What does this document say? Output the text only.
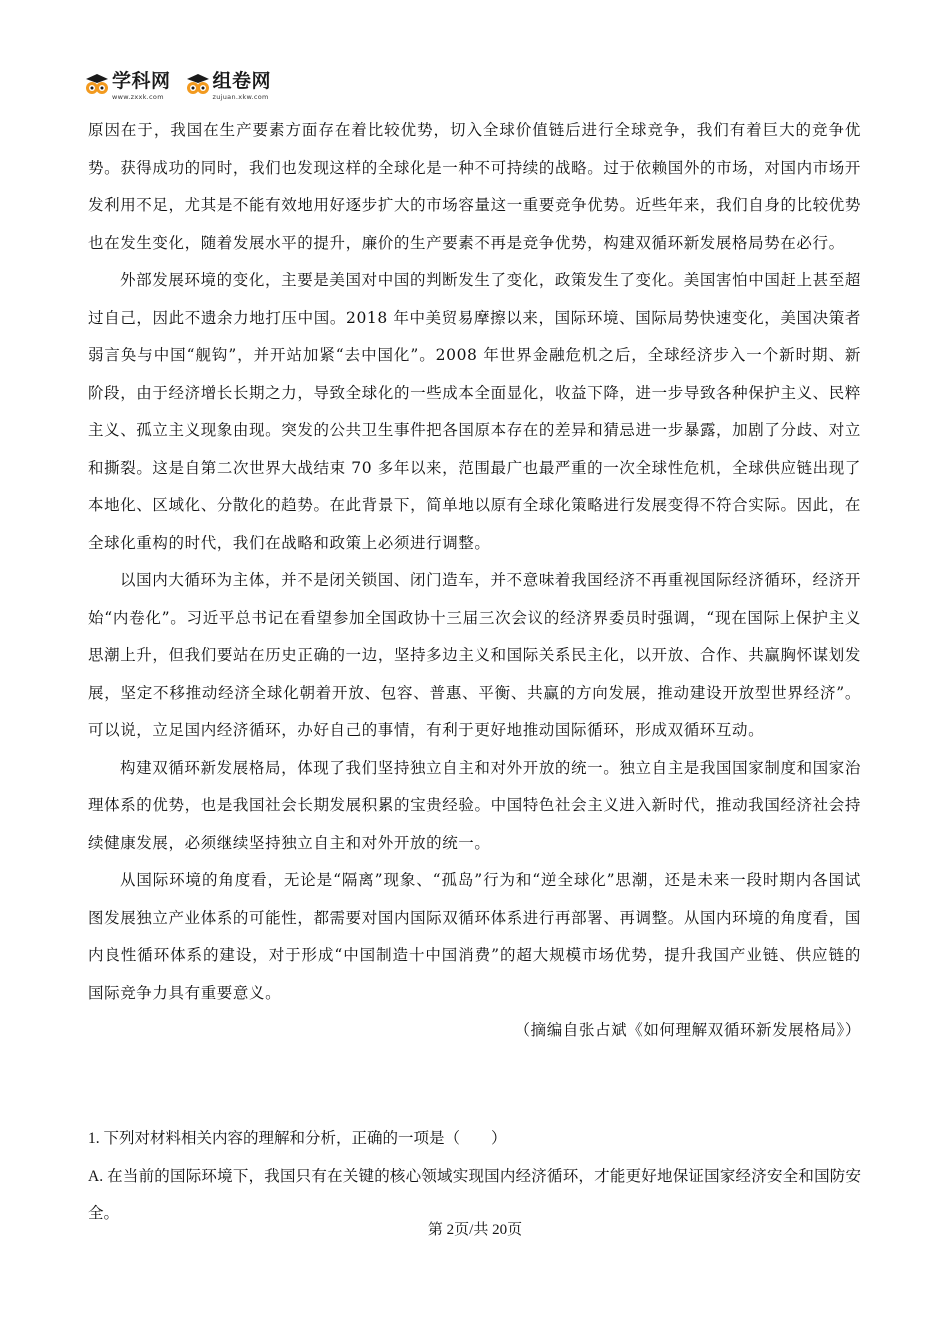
学科网
www.zxxk.com
组卷网
zujuan.xkw.com

原因在于，我国在生产要素方面存在着比较优势，切入全球价值链后进行全球竞争，我们有着巨大的竞争优势。获得成功的同时，我们也发现这样的全球化是一种不可持续的战略。过于依赖国外的市场，对国内市场开发利用不足，尤其是不能有效地用好逐步扩大的市场容量这一重要竞争优势。近些年来，我们自身的比较优势也在发生变化，随着发展水平的提升，廉价的生产要素不再是竞争优势，构建双循环新发展格局势在必行。

外部发展环境的变化，主要是美国对中国的判断发生了变化，政策发生了变化。美国害怕中国赶上甚至超过自己，因此不遗余力地打压中国。2018 年中美贸易摩擦以来，国际环境、国际局势快速变化，美国决策者弱言奂与中国“舰钩”，并开站加紧“去中国化”。2008 年世界金融危机之后，全球经济步入一个新时期、新阶段，由于经济增长长期之力，导致全球化的一些成本全面显化，收益下降，进一步导致各种保护主义、民粹主义、孤立主义现象由现。突发的公共卫生事件把各国原本存在的差异和猜忌进一步暴露，加剧了分歧、对立和撕裂。这是自第二次世界大战结束 70 多年以来，范围最广也最严重的一次全球性危机，全球供应链出现了本地化、区域化、分散化的趋势。在此背景下，简单地以原有全球化策略进行发展变得不符合实际。因此，在全球化重构的时代，我们在战略和政策上必须进行调整。

以国内大循环为主体，并不是闭关锁国、闭门造车，并不意味着我国经济不再重视国际经济循环，经济开始“内卷化”。习近平总书记在看望参加全国政协十三届三次会议的经济界委员时强调，“现在国际上保护主义思潮上升，但我们要站在历史正确的一边，坚持多边主义和国际关系民主化，以开放、合作、共赢胸怀谋划发展，坚定不移推动经济全球化朝着开放、包容、普惠、平衡、共赢的方向发展，推动建设开放型世界经济”。可以说，立足国内经济循环，办好自己的事情，有利于更好地推动国际循环，形成双循环互动。

构建双循环新发展格局，体现了我们坚持独立自主和对外开放的统一。独立自主是我国国家制度和国家治理体系的优势，也是我国社会长期发展积累的宝贵经验。中国特色社会主义进入新时代，推动我国经济社会持续健康发展，必须继续坚持独立自主和对外开放的统一。

从国际环境的角度看，无论是“隔离”现象、“孤岛”行为和“逆全球化”思潮，还是未来一段时期内各国试图发展独立产业体系的可能性，都需要对国内国际双循环体系进行再部署、再调整。从国内环境的角度看，国内良性循环体系的建设，对于形成“中国制造十中国消费”的超大规模市场优势，提升我国产业链、供应链的国际竞争力具有重要意义。

（摘编自张占斌《如何理解双循环新发展格局》）

1. 下列对材料相关内容的理解和分析，正确的一项是（　　）

A. 在当前的国际环境下，我国只有在关键的核心领域实现国内经济循环，才能更好地保证国家经济安全和国防安全。

第 2页/共 20页
